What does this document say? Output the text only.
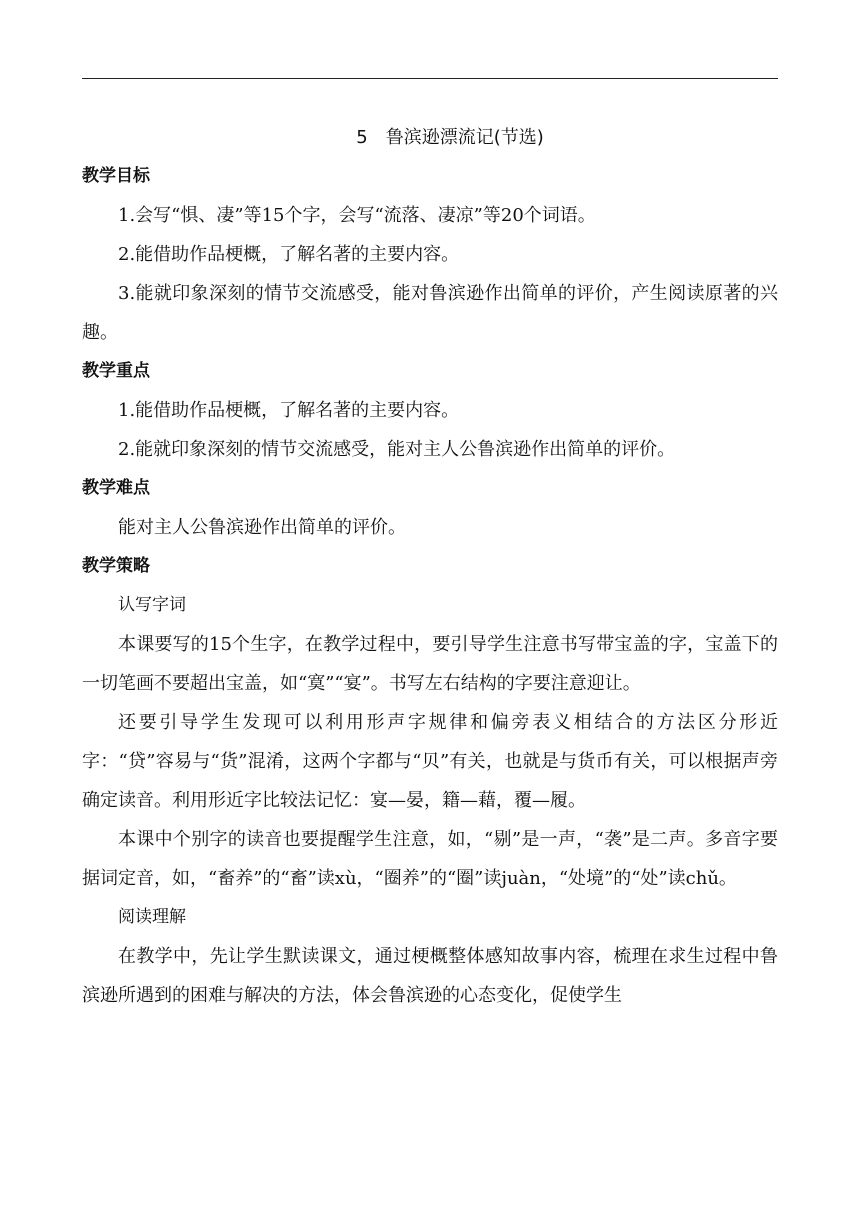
5 鲁滨逊漂流记(节选)

教学目标

1.会写“惧、凄”等15个字，会写“流落、凄凉”等20个词语。

2.能借助作品梗概，了解名著的主要内容。

3.能就印象深刻的情节交流感受，能对鲁滨逊作出简单的评价，产生阅读原著的兴趣。

教学重点

1.能借助作品梗概，了解名著的主要内容。

2.能就印象深刻的情节交流感受，能对主人公鲁滨逊作出简单的评价。

教学难点

能对主人公鲁滨逊作出简单的评价。

教学策略

认写字词

本课要写的15个生字，在教学过程中，要引导学生注意书写带宝盖的字，宝盖下的一切笔画不要超出宝盖，如“寞”“宴”。书写左右结构的字要注意迎让。

还要引导学生发现可以利用形声字规律和偏旁表义相结合的方法区分形近字：“贷”容易与“货”混淆，这两个字都与“贝”有关，也就是与货币有关，可以根据声旁确定读音。利用形近字比较法记忆：宴—晏，籍—藉，覆—履。

本课中个别字的读音也要提醒学生注意，如，“剔”是一声，“袭”是二声。多音字要据词定音，如，“畜养”的“畜”读xù，“圈养”的“圈”读juàn，“处境”的“处”读chǔ。

阅读理解

在教学中，先让学生默读课文，通过梗概整体感知故事内容，梳理在求生过程中鲁滨逊所遇到的困难与解决的方法，体会鲁滨逊的心态变化，促使学生
